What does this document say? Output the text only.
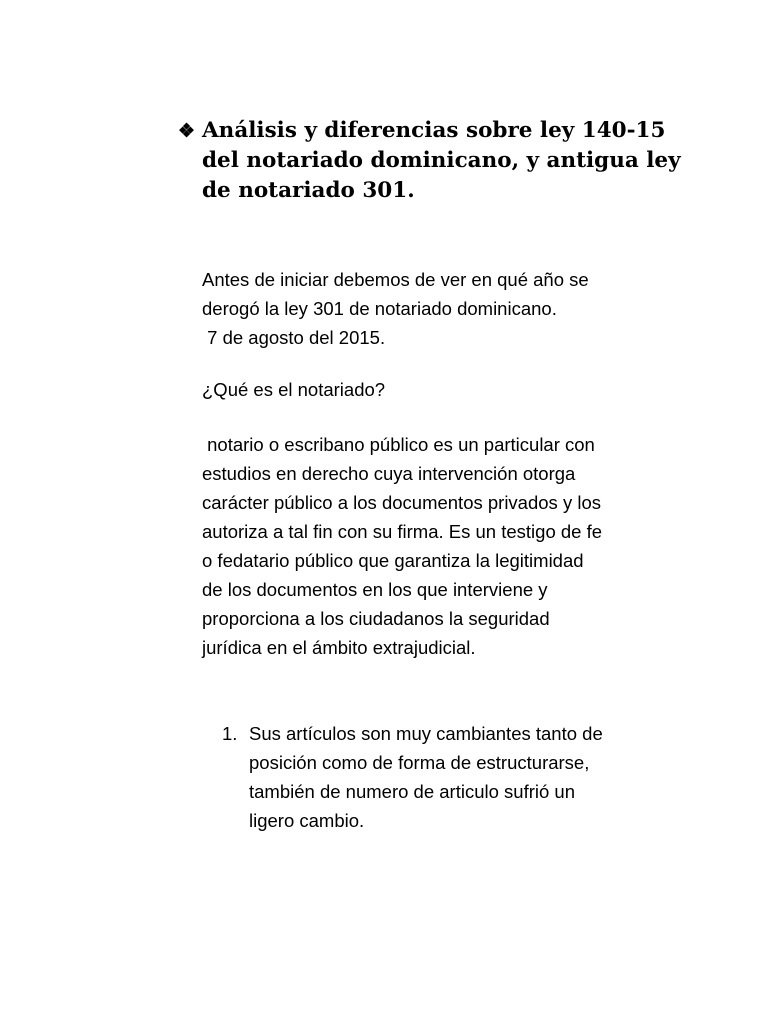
❖ Análisis y diferencias sobre ley 140-15
del notariado dominicano, y antigua ley
de notariado 301.

Antes de iniciar debemos de ver en qué año se
derogó la ley 301 de notariado dominicano.
7 de agosto del 2015.

¿Qué es el notariado?

notario o escribano público es un particular con
estudios en derecho cuya intervención otorga
carácter público a los documentos privados y los
autoriza a tal fin con su firma. Es un testigo de fe
o fedatario público que garantiza la legitimidad
de los documentos en los que interviene y
proporciona a los ciudadanos la seguridad
jurídica en el ámbito extrajudicial.

1. Sus artículos son muy cambiantes tanto de
posición como de forma de estructurarse,
también de numero de articulo sufrió un
ligero cambio.
